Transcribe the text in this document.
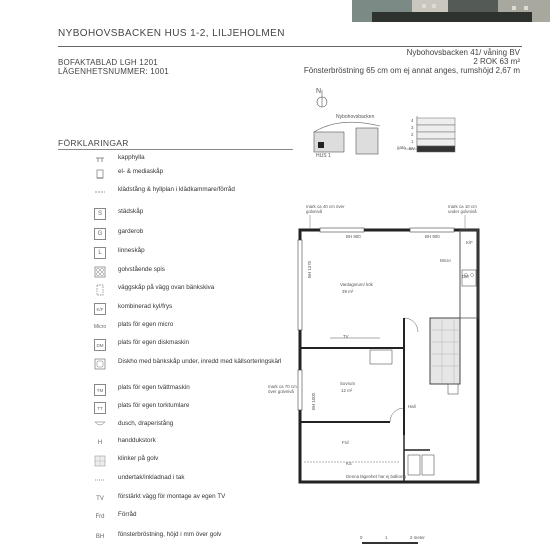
NYBOHOVSBACKEN HUS 1-2, LILJEHOLMEN
BOFAKTABLAD LGH 1201
LÄGENHETSNUMMER: 1001
Nybohovsbacken 41/ våning BV
2 ROK 63 m²
Fönsterbröstning 65 cm om ej annat anges, rumshöjd 2,67 m
N
Nybohovsbacken
HUS 1
gata
4
3
2
1
BV
FÖRKLARINGAR
kapphylla
el- & mediaskåp
klädstång & hyllplan i klädkammare/förråd
S	städskåp
G	garderob
L	linneskåp
golvstående spis
väggskåp på vägg ovan bänkskiva
K/F	kombinerad kyl/frys
Micro plats för egen micro
DM	plats för egen diskmaskin
Diskho med bänkskåp under, inredd med källsorteringskärl
TM	plats för egen tvättmaskin
TT	plats för egen torktumlare
dusch, draperistång
H	handdukstork
klinker på golv
undertak/inkladnad i tak
TV	förstärkt vägg för montage av egen TV
Frd Förråd
BH fönsterbröstning, höjd i mm över golv
mark ca 40 cm över golvnivå
mark ca 10 cm under golvnivå
BH 900	BH 900
BH 1370
BH 1000
Vardagsrum/ kök
39 m²
Sovrum
12 m²
Hall
Frd
TV
K/F
Micro
DM
KS
mark ca 70 cm över golvnivå
Denna lägenhet har ej balkong
0	1	2 meter
